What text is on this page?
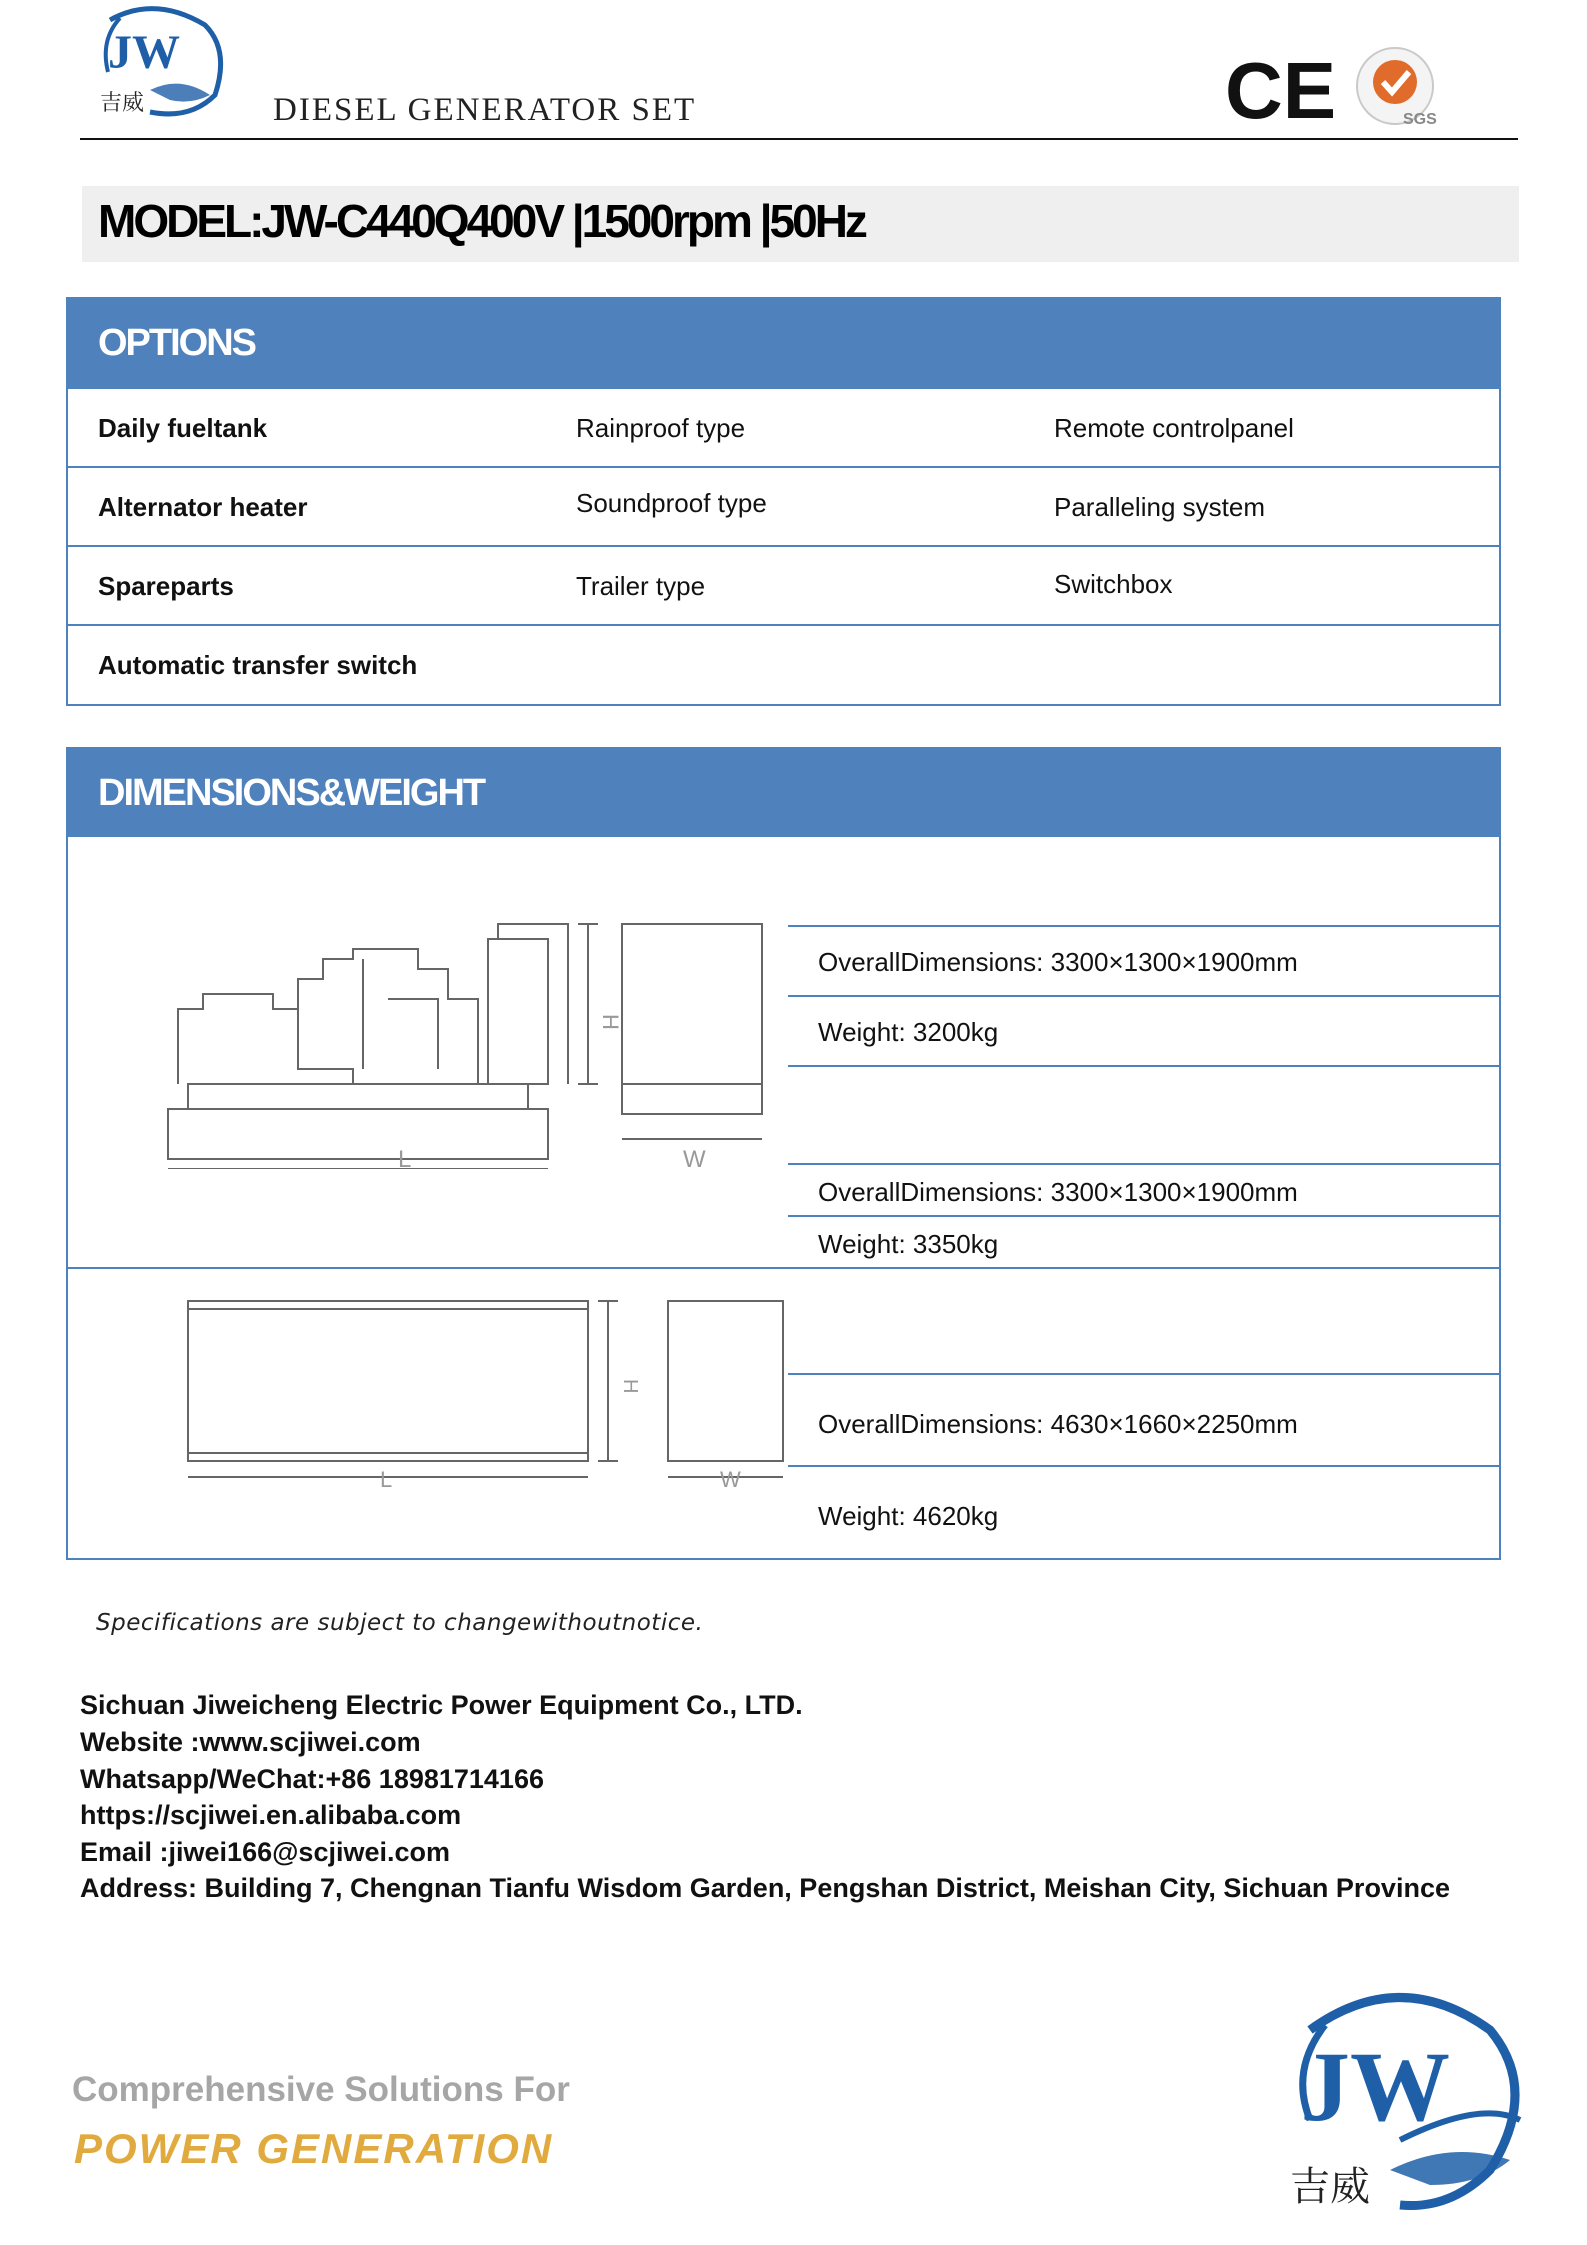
JW
吉威	DIESEL GENERATOR SET	CE	SGS
MODEL:JW-C440Q400V |1500rpm |50Hz
OPTIONS
Daily fueltank	Rainproof type	Remote controlpanel
Alternator heater	Soundproof type	Paralleling system
Spareparts	Trailer type	Switchbox
Automatic transfer switch
DIMENSIONS&WEIGHT
L
H
W
OverallDimensions: 3300×1300×1900mm
Weight: 3200kg
OverallDimensions: 3300×1300×1900mm
Weight: 3350kg
L
H
W
OverallDimensions: 4630×1660×2250mm
Weight: 4620kg
Specifications are subject to changewithoutnotice.
Sichuan Jiweicheng Electric Power Equipment Co., LTD.
Website :www.scjiwei.com
Whatsapp/WeChat:+86 18981714166
https://scjiwei.en.alibaba.com
Email :jiwei166@scjiwei.com
Address: Building 7, Chengnan Tianfu Wisdom Garden, Pengshan District, Meishan City, Sichuan Province
Comprehensive Solutions For
POWER GENERATION
JW
吉威
